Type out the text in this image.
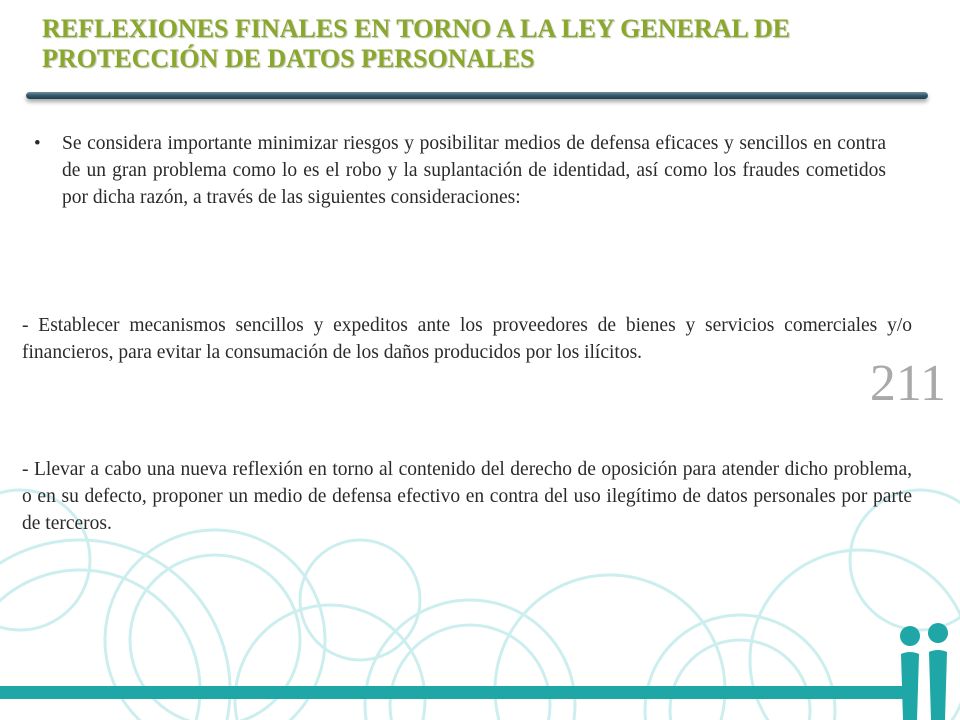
REFLEXIONES FINALES EN TORNO A LA LEY GENERAL DE
PROTECCIÓN DE DATOS PERSONALES
•	Se considera importante minimizar riesgos y posibilitar medios de defensa eficaces y sencillos en contra de un gran problema como lo es el robo y la suplantación de identidad, así como los fraudes cometidos por dicha razón, a través de las siguientes consideraciones:

- Establecer mecanismos sencillos y expeditos ante los proveedores de bienes y servicios comerciales y/o financieros, para evitar la consumación de los daños producidos por los ilícitos.

211

- Llevar a cabo una nueva reflexión en torno al contenido del derecho de oposición para atender dicho problema, o en su defecto, proponer un medio de defensa efectivo en contra del uso ilegítimo de datos personales por parte de terceros.
